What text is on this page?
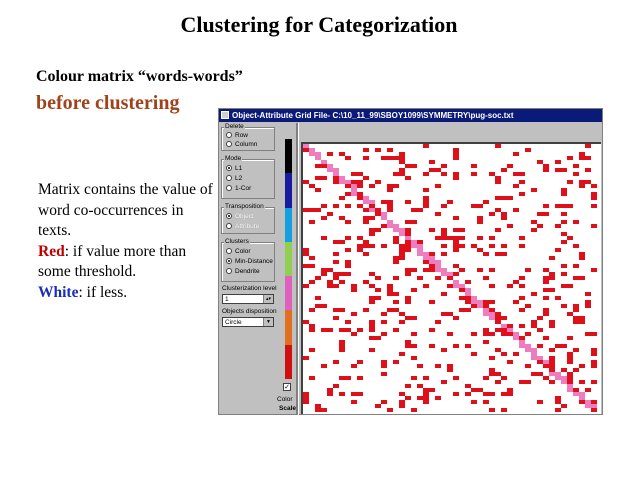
Clustering for Categorization
Colour matrix “words-words”
before clustering

Matrix contains the value of word co-occurrences in texts.

Red: if value more than some threshold.

White: if less.

Object-Attribute Grid File- C:\10_11_99\SBOY1099\SYMMETRY\pug-soc.txt
Delete
Row
Column
Mode
L1
L2
1-Cor
Transposition
Object
Attribute
Clusters
Color
Min-Distance
Dendrite
Clusterization level
1	▴▾
Objects disposition
Circle	▼
✓
Color
Scale
